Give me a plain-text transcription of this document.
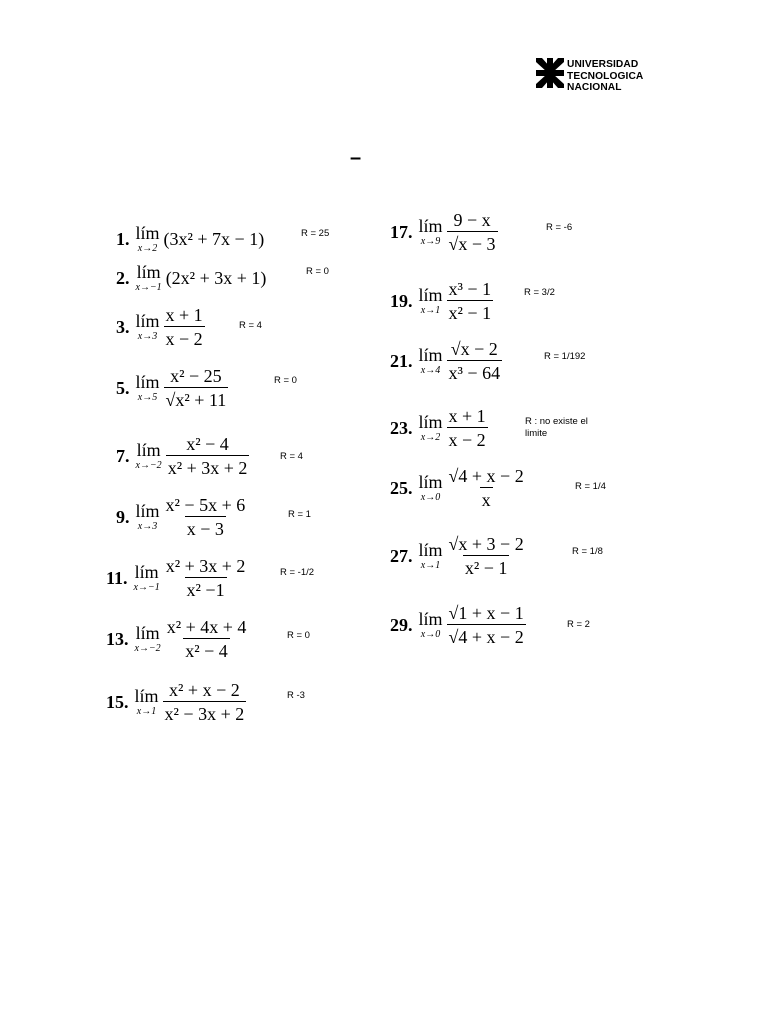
UNIVERSIDAD
TECNOLOGICA
NACIONAL
–
1. lím
x→2 (3x² + 7x − 1)	R = 25
2. lím
x→−1 (2x² + 3x + 1)	R = 0
3. lím
$x\to 3 \frac{x + 1}{x - 2}$	R = 4
5. lím
$x\to 5 \frac{\text{x² − 25}}{\text{√x² + 11}}$	R = 0
7. lím
$x\to-2 \frac{\text{x² − 4}}{\text{x² + 3x + 2}}$	R = 4
9. lím
$x\to 3 \frac{\text{x² − 5x + 6}}{x - 3}$	R = 1
11. lím
$x\to-1 \frac{\text{x² + 3x + 2}}{\text{x² −1}}$	R = -1/2
13. lím
$x\to-2 \frac{\text{x² + 4x + 4}}{\text{x² − 4}}$	R = 0
15. lím
$x\to 1 \frac{\text{x² + x − 2}}{\text{x² − 3x + 2}}$	R -3
17. lím
$x\to 9 \frac{9 - x}{√x - 3}$	R = -6
19. lím
$x\to 1 \frac{\text{x³ − 1}}{\text{x² − 1}}$	R = 3/2
21. lím
$x\to 4 \frac{√x - 2}{\text{x³ − 64}}$	R = 1/192
23. lím
$x\to 2 \frac{x + 1}{x - 2}$	R : no existe el
limite
25. lím
$x\to 0 \frac{√4 + x - 2}{x}$	R = 1/4
27. lím
$x\to 1 \frac{√x + 3 - 2}{\text{x² − 1}}$	R = 1/8
29. lím
$x\to 0 \frac{√1 + x - 1}{√4 + x - 2}$	R = 2
